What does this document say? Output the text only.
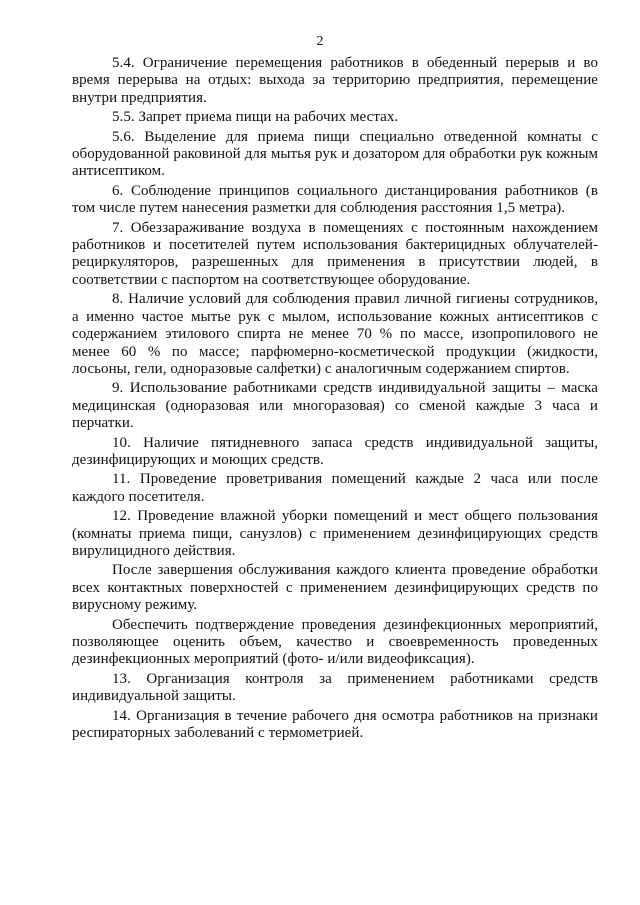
2

5.4. Ограничение перемещения работников в обеденный перерыв и во время перерыва на отдых: выхода за территорию предприятия, перемещение внутри предприятия.

5.5. Запрет приема пищи на рабочих местах.

5.6. Выделение для приема пищи специально отведенной комнаты с оборудованной раковиной для мытья рук и дозатором для обработки рук кожным антисептиком.

6. Соблюдение принципов социального дистанцирования работников (в том числе путем нанесения разметки для соблюдения расстояния 1,5 метра).

7. Обеззараживание воздуха в помещениях с постоянным нахождением работников и посетителей путем использования бактерицидных облучателей-рециркуляторов, разрешенных для применения в присутствии людей, в соответствии с паспортом на соответствующее оборудование.

8. Наличие условий для соблюдения правил личной гигиены сотрудников, а именно частое мытье рук с мылом, использование кожных антисептиков с содержанием этилового спирта не менее 70 % по массе, изопропилового не менее 60 % по массе; парфюмерно-косметической продукции (жидкости, лосьоны, гели, одноразовые салфетки) с аналогичным содержанием спиртов.

9. Использование работниками средств индивидуальной защиты – маска медицинская (одноразовая или многоразовая) со сменой каждые 3 часа и перчатки.

10. Наличие пятидневного запаса средств индивидуальной защиты, дезинфицирующих и моющих средств.

11. Проведение проветривания помещений каждые 2 часа или после каждого посетителя.

12. Проведение влажной уборки помещений и мест общего пользования (комнаты приема пищи, санузлов) с применением дезинфицирующих средств вирулицидного действия.

После завершения обслуживания каждого клиента проведение обработки всех контактных поверхностей с применением дезинфицирующих средств по вирусному режиму.

Обеспечить подтверждение проведения дезинфекционных мероприятий, позволяющее оценить объем, качество и своевременность проведенных дезинфекционных мероприятий (фото- и/или видеофиксация).

13. Организация контроля за применением работниками средств индивидуальной защиты.

14. Организация в течение рабочего дня осмотра работников на признаки респираторных заболеваний с термометрией.
